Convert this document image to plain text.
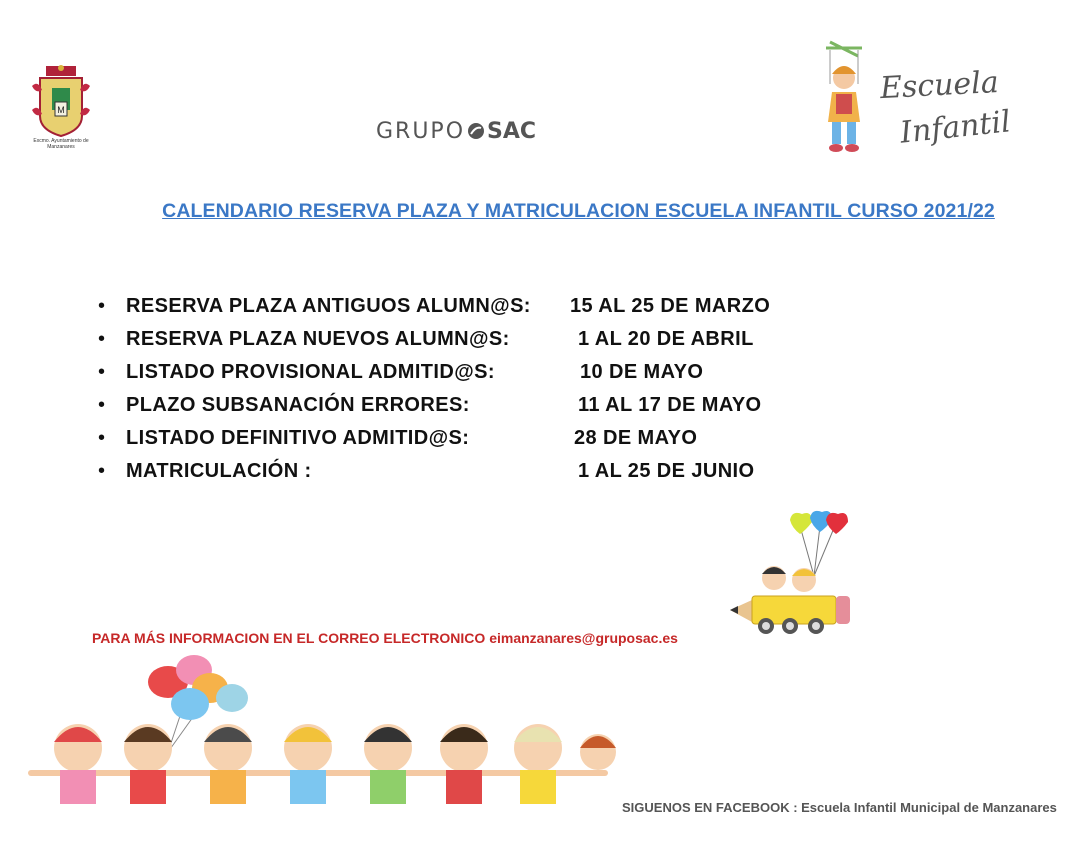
M
Excmo. Ayuntamiento de Manzanares
GRUPO SAC
Escuela
Infantil
CALENDARIO RESERVA PLAZA Y MATRICULACION ESCUELA INFANTIL CURSO 2021/22
•	RESERVA PLAZA ANTIGUOS ALUMN@S: 15 AL 25 DE MARZO
•	RESERVA PLAZA NUEVOS ALUMN@S:	1 AL 20 DE ABRIL
•	LISTADO PROVISIONAL ADMITID@S:	10 DE MAYO
•	PLAZO SUBSANACIÓN ERRORES:	11 AL 17 DE MAYO
•	LISTADO DEFINITIVO ADMITID@S:	28 DE MAYO
•	MATRICULACIÓN :	1 AL 25 DE JUNIO
PARA MÁS INFORMACION EN EL CORREO ELECTRONICO eimanzanares@gruposac.es
SIGUENOS EN FACEBOOK : Escuela Infantil Municipal de Manzanares
